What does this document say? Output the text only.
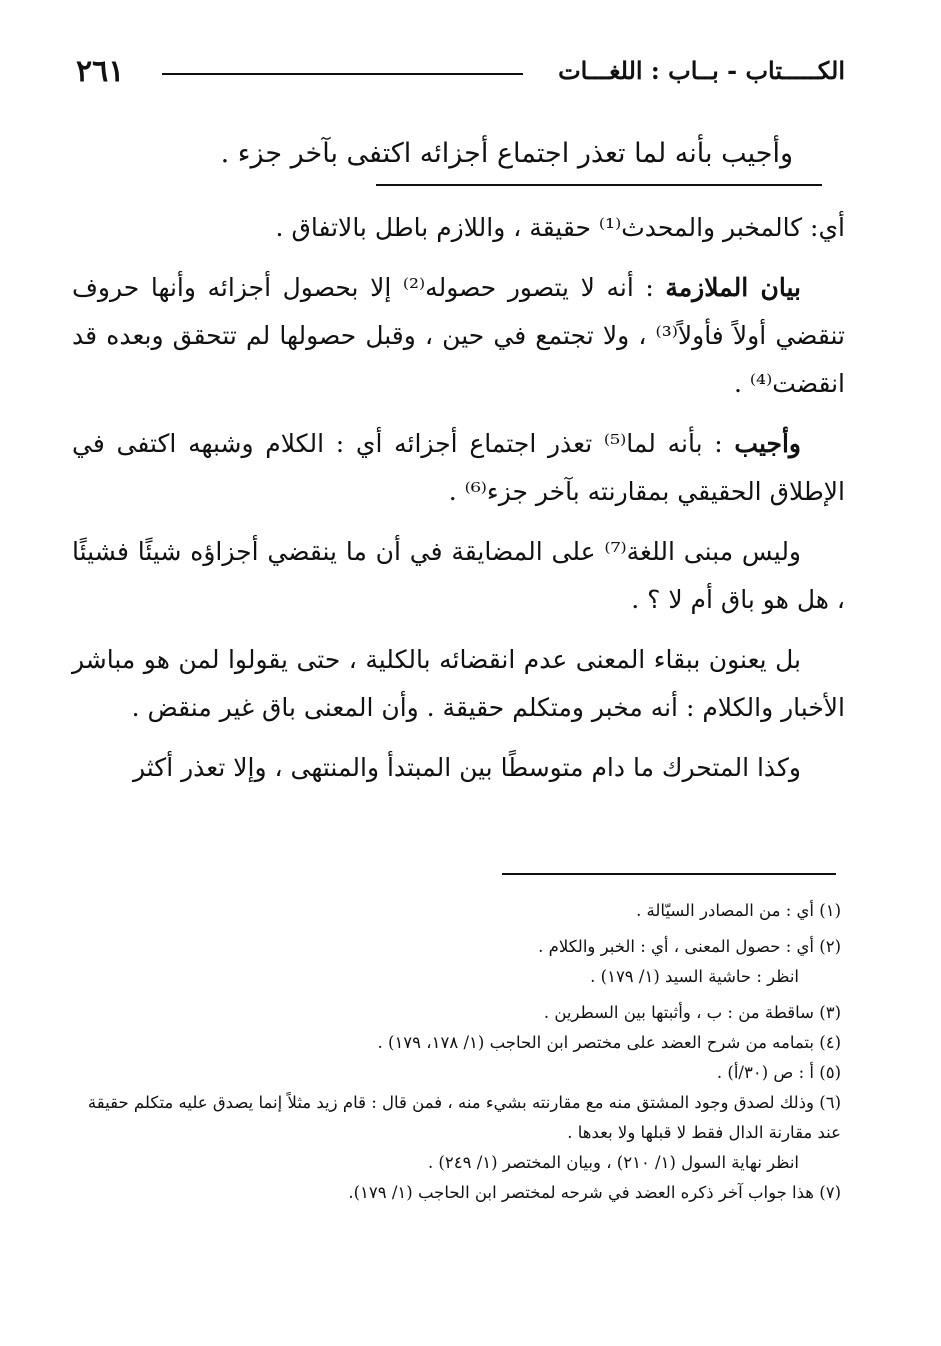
٢٦١	الكـــــتاب - بــاب : اللغـــات
وأجيب بأنه لما تعذر اجتماع أجزائه اكتفى بآخر جزء .

أي: كالمخبر والمحدث⁽¹⁾ حقيقة ، واللازم باطل بالاتفاق .

بيان الملازمة : أنه لا يتصور حصوله⁽²⁾ إلا بحصول أجزائه وأنها حروف تنقضي أولاً فأولاً⁽³⁾ ، ولا تجتمع في حين ، وقبل حصولها لم تتحقق وبعده قد انقضت⁽⁴⁾ .

وأجيب : بأنه لما⁽⁵⁾ تعذر اجتماع أجزائه أي : الكلام وشبهه اكتفى في الإطلاق الحقيقي بمقارنته بآخر جزء⁽⁶⁾ .

وليس مبنى اللغة⁽⁷⁾ على المضايقة في أن ما ينقضي أجزاؤه شيئًا فشيئًا ، هل هو باق أم لا ؟ .

بل يعنون ببقاء المعنى عدم انقضائه بالكلية ، حتى يقولوا لمن هو مباشر الأخبار والكلام : أنه مخبر ومتكلم حقيقة . وأن المعنى باق غير منقض .

وكذا المتحرك ما دام متوسطًا بين المبتدأ والمنتهى ، وإلا تعذر أكثر

(١) أي : من المصادر السيّالة .

(٢) أي : حصول المعنى ، أي : الخبر والكلام .

انظر : حاشية السيد (١/ ١٧٩) .

(٣) ساقطة من : ب ، وأثبتها بين السطرين .

(٤) بتمامه من شرح العضد على مختصر ابن الحاجب (١/ ١٧٨، ١٧٩) .

(٥) أ : ص (٣٠/أ) .

(٦) وذلك لصدق وجود المشتق منه مع مقارنته بشيء منه ، فمن قال : قام زيد مثلاً إنما يصدق عليه متكلم حقيقة عند مقارنة الدال فقط لا قبلها ولا بعدها .

انظر نهاية السول (١/ ٢١٠) ، وبيان المختصر (١/ ٢٤٩) .

(٧) هذا جواب آخر ذكره العضد في شرحه لمختصر ابن الحاجب (١/ ١٧٩).
